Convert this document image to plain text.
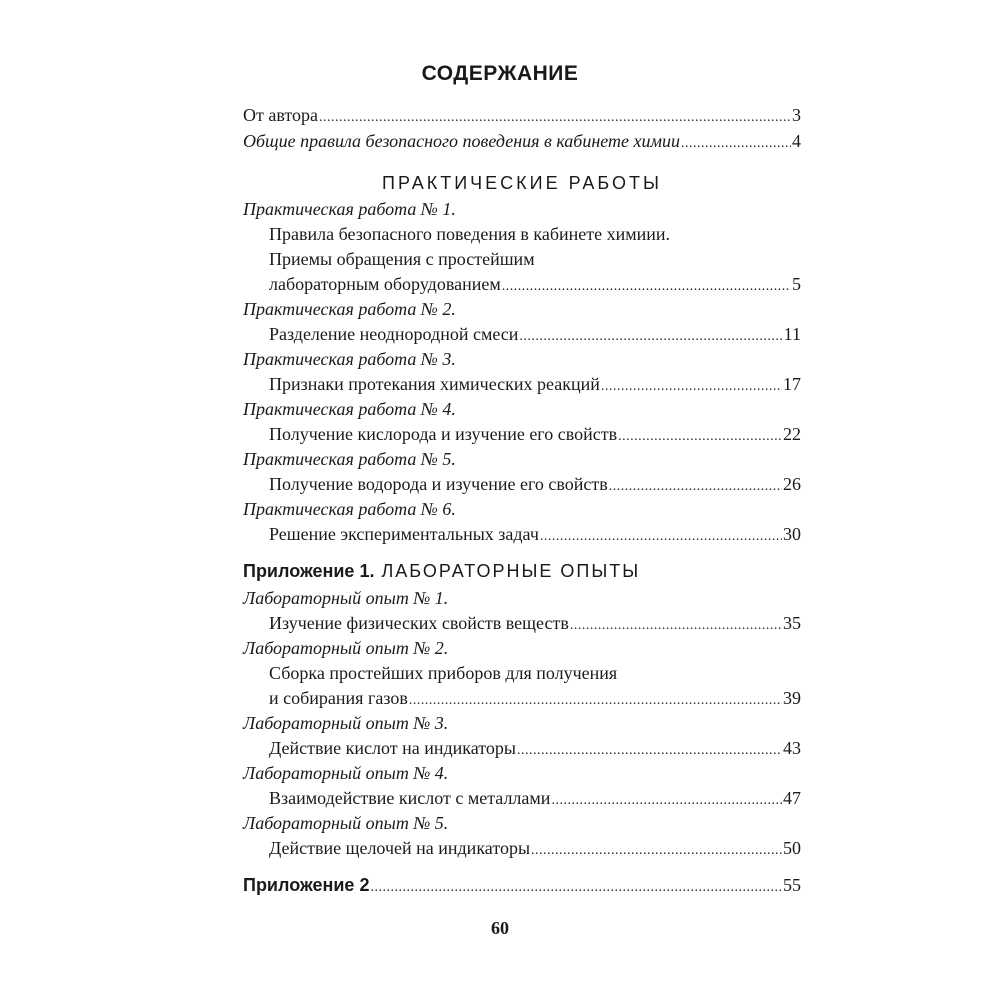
СОДЕРЖАНИЕ
От автора .....	3
Общие правила безопасного поведения в кабинете химии .....	4
ПРАКТИЧЕСКИЕ РАБОТЫ
Практическая работа № 1.
Правила безопасного поведения в кабинете химиии.
Приемы обращения с простейшим
лабораторным оборудованием .....	5
Практическая работа № 2.
Разделение неоднородной смеси .....	11
Практическая работа № 3.
Признаки протекания химических реакций .....	17
Практическая работа № 4.
Получение кислорода и изучение его свойств .....	22
Практическая работа № 5.
Получение водорода и изучение его свойств .....	26
Практическая работа № 6.
Решение экспериментальных задач .....	30
Приложение 1. ЛАБОРАТОРНЫЕ ОПЫТЫ
Лабораторный опыт № 1.
Изучение физических свойств веществ .....	35
Лабораторный опыт № 2.
Сборка простейших приборов для получения
и собирания газов .....	39
Лабораторный опыт № 3.
Действие кислот на индикаторы .....	43
Лабораторный опыт № 4.
Взаимодействие кислот с металлами .....	47
Лабораторный опыт № 5.
Действие щелочей на индикаторы .....	50
Приложение 2 .....	55
60
